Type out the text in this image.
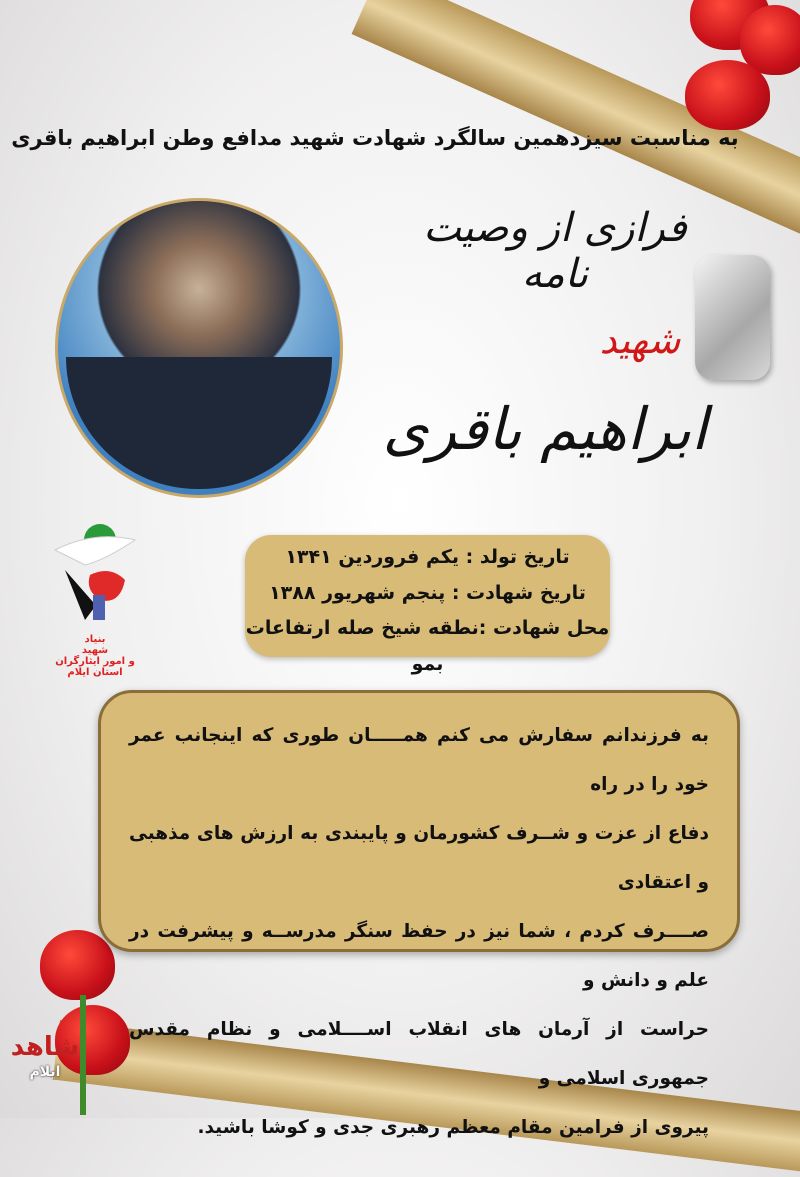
به مناسبت سیزدهمین سالگرد شهادت شهید مدافع وطن ابراهیم باقری
فرازی از وصیت نامه
شهید
ابراهیم باقری
بنیاد
شهید
و امور ایثارگران
استان ایلام
تاریخ تولد : یکم فروردین ۱۳۴۱
تاریخ شهادت : پنجم شهریور ۱۳۸۸
محل شهادت :نطقه شیخ صله ارتفاعات بمو

به فرزندانم سفارش می کنم همـــــان طوری که اینجانب عمر خود را در راه

دفاع از عزت و شــرف کشورمان و پایبندی به ارزش های مذهبی و اعتقادی

صــــرف کردم ، شما نیز در حفظ سنگر مدرســه و پیشرفت در علم و دانش و

حراست از آرمان های انقلاب اســــلامی و نظام مقدس جمهوری اسلامی و

پیروی از فرامین مقام معظم رهبری جدی و کوشا باشید.

شاهد
ایلام
